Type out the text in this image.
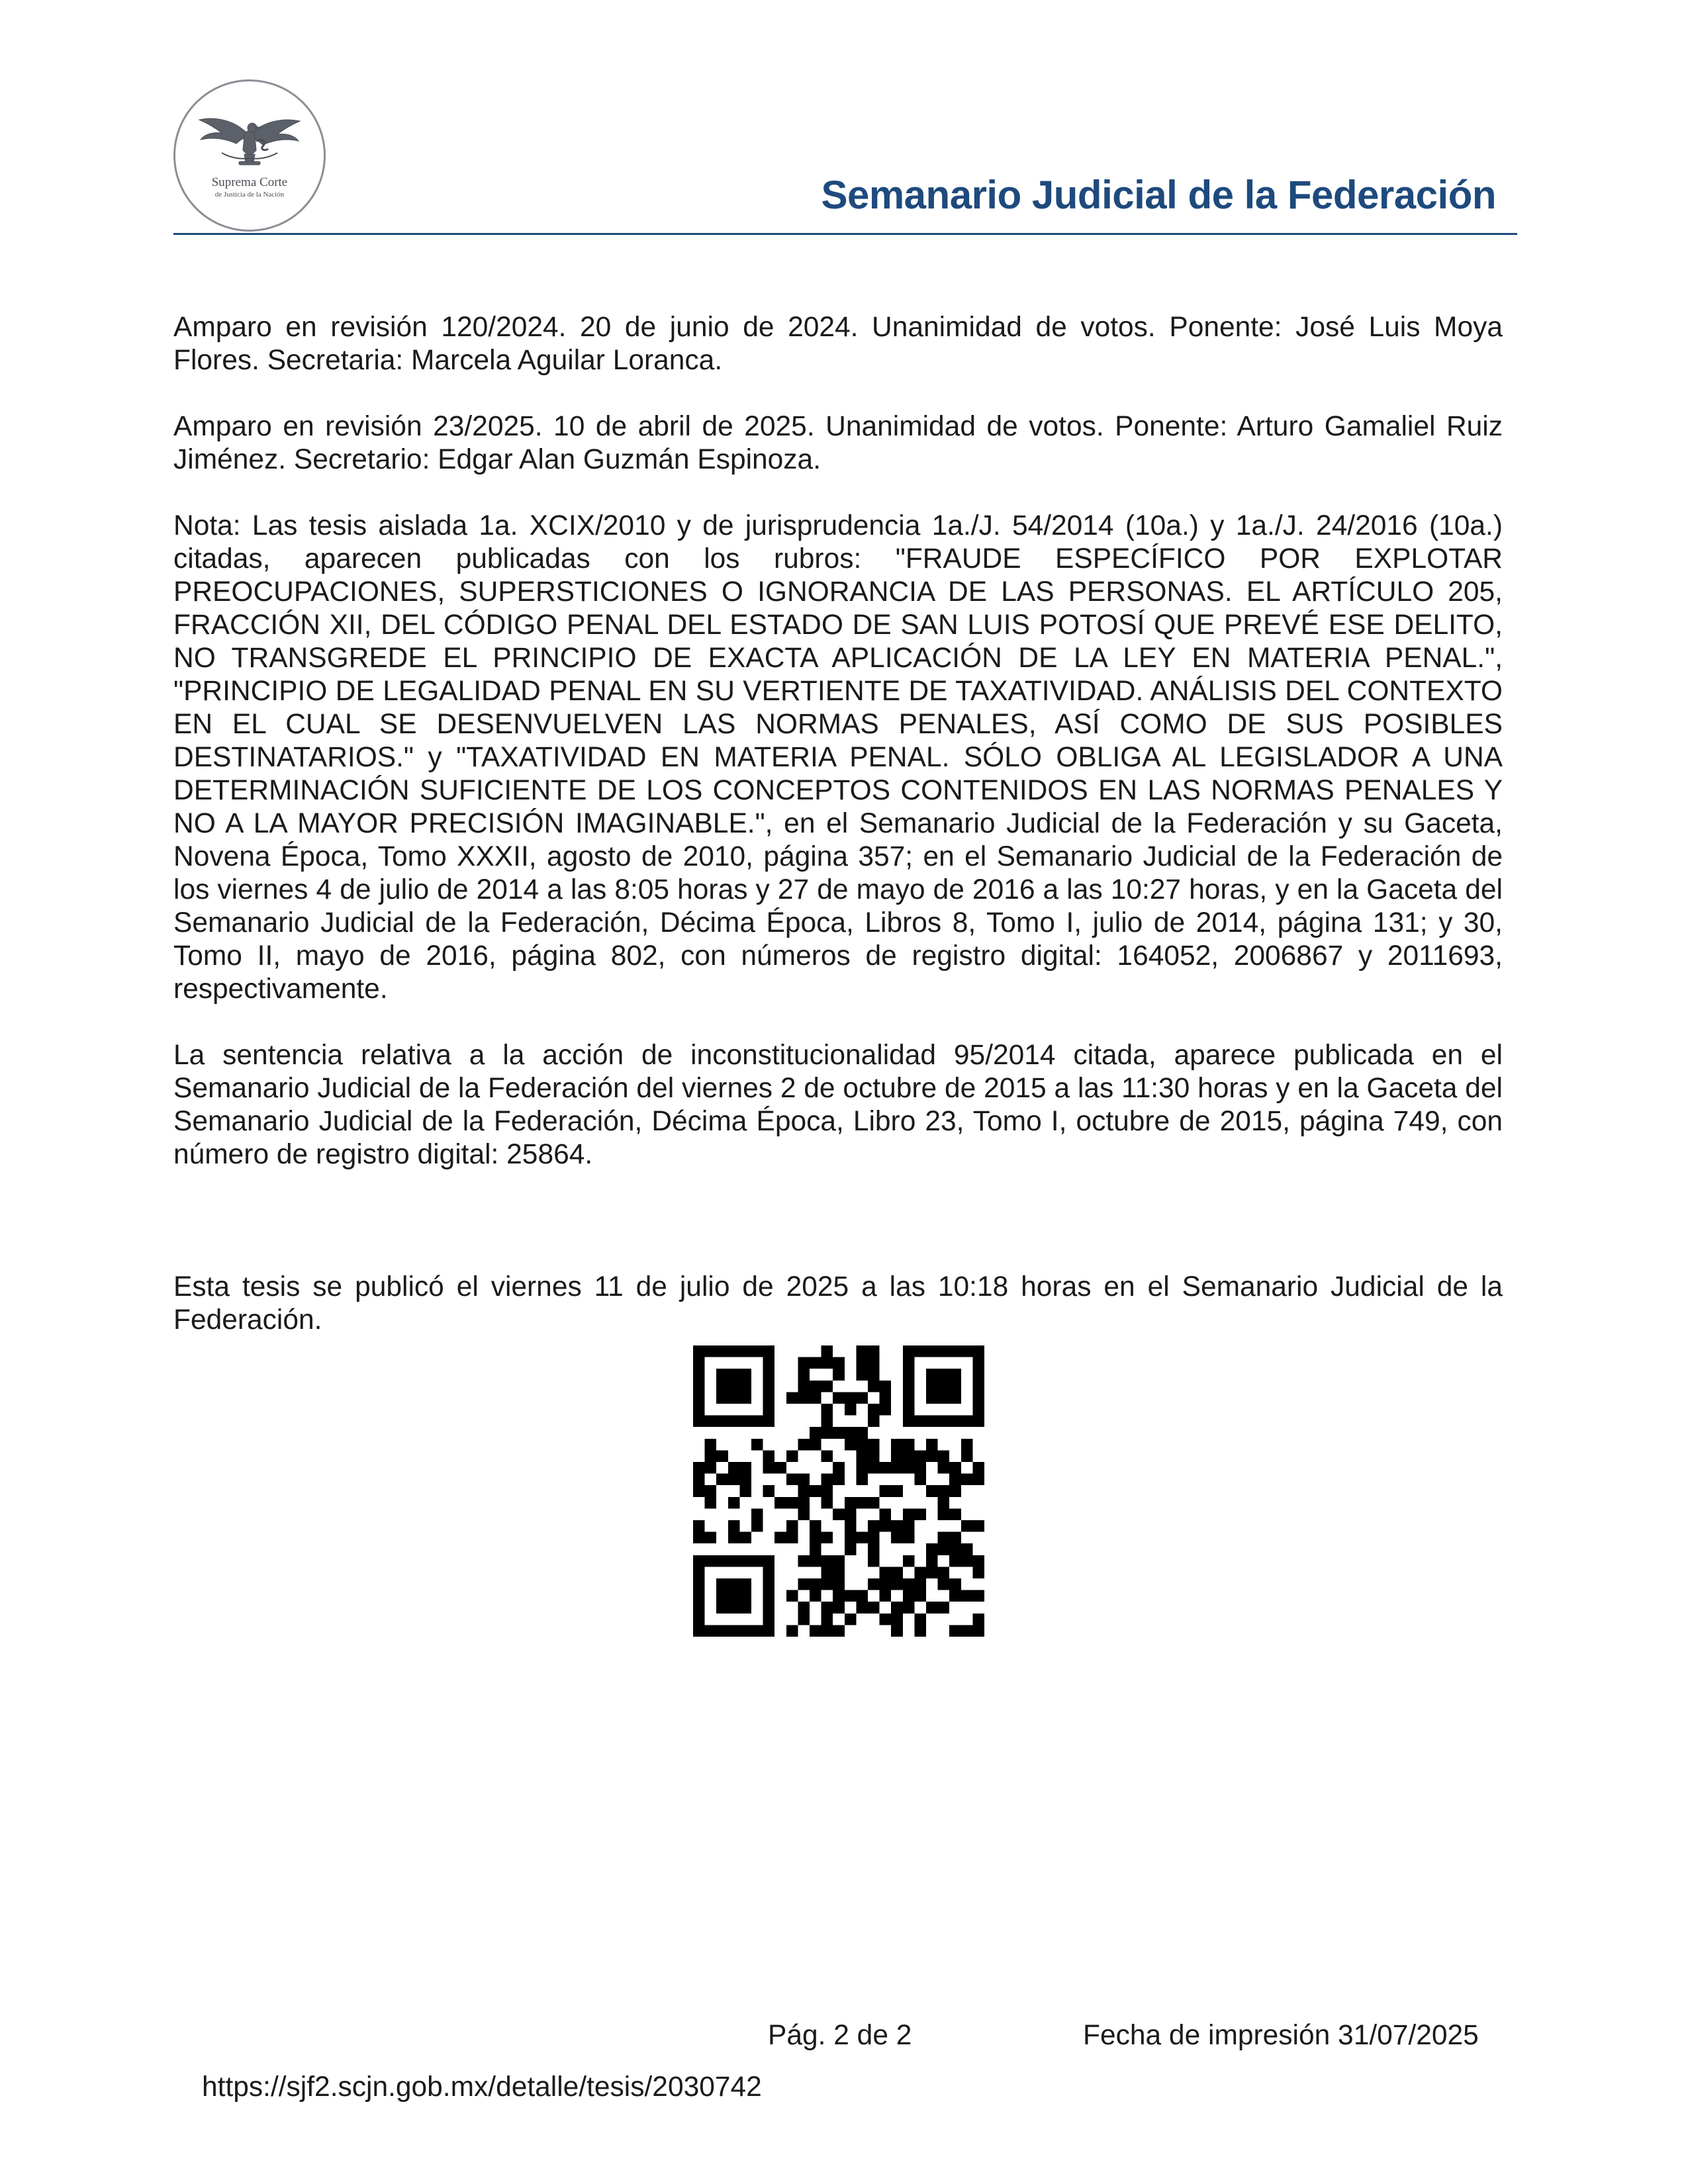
Suprema Corte
de Justicia de la Nación	Semanario Judicial de la Federación

Amparo en revisión 120/2024. 20 de junio de 2024. Unanimidad de votos. Ponente: José Luis Moya Flores. Secretaria: Marcela Aguilar Loranca.

Amparo en revisión 23/2025. 10 de abril de 2025. Unanimidad de votos. Ponente: Arturo Gamaliel Ruiz Jiménez. Secretario: Edgar Alan Guzmán Espinoza.

Nota: Las tesis aislada 1a. XCIX/2010 y de jurisprudencia 1a./J. 54/2014 (10a.) y 1a./J. 24/2016 (10a.) citadas, aparecen publicadas con los rubros: "FRAUDE ESPECÍFICO POR EXPLOTAR PREOCUPACIONES, SUPERSTICIONES O IGNORANCIA DE LAS PERSONAS. EL ARTÍCULO 205, FRACCIÓN XII, DEL CÓDIGO PENAL DEL ESTADO DE SAN LUIS POTOSÍ QUE PREVÉ ESE DELITO, NO TRANSGREDE EL PRINCIPIO DE EXACTA APLICACIÓN DE LA LEY EN MATERIA PENAL.", "PRINCIPIO DE LEGALIDAD PENAL EN SU VERTIENTE DE TAXATIVIDAD. ANÁLISIS DEL CONTEXTO EN EL CUAL SE DESENVUELVEN LAS NORMAS PENALES, ASÍ COMO DE SUS POSIBLES DESTINATARIOS." y "TAXATIVIDAD EN MATERIA PENAL. SÓLO OBLIGA AL LEGISLADOR A UNA DETERMINACIÓN SUFICIENTE DE LOS CONCEPTOS CONTENIDOS EN LAS NORMAS PENALES Y NO A LA MAYOR PRECISIÓN IMAGINABLE.", en el Semanario Judicial de la Federación y su Gaceta, Novena Época, Tomo XXXII, agosto de 2010, página 357; en el Semanario Judicial de la Federación de los viernes 4 de julio de 2014 a las 8:05 horas y 27 de mayo de 2016 a las 10:27 horas, y en la Gaceta del Semanario Judicial de la Federación, Décima Época, Libros 8, Tomo I, julio de 2014, página 131; y 30, Tomo II, mayo de 2016, página 802, con números de registro digital: 164052, 2006867 y 2011693, respectivamente.

La sentencia relativa a la acción de inconstitucionalidad 95/2014 citada, aparece publicada en el Semanario Judicial de la Federación del viernes 2 de octubre de 2015 a las 11:30 horas y en la Gaceta del Semanario Judicial de la Federación, Décima Época, Libro 23, Tomo I, octubre de 2015, página 749, con número de registro digital: 25864.

Esta tesis se publicó el viernes 11 de julio de 2025 a las 10:18 horas en el Semanario Judicial de la Federación.

Pág. 2 de 2	Fecha de impresión 31/07/2025
https://sjf2.scjn.gob.mx/detalle/tesis/2030742
